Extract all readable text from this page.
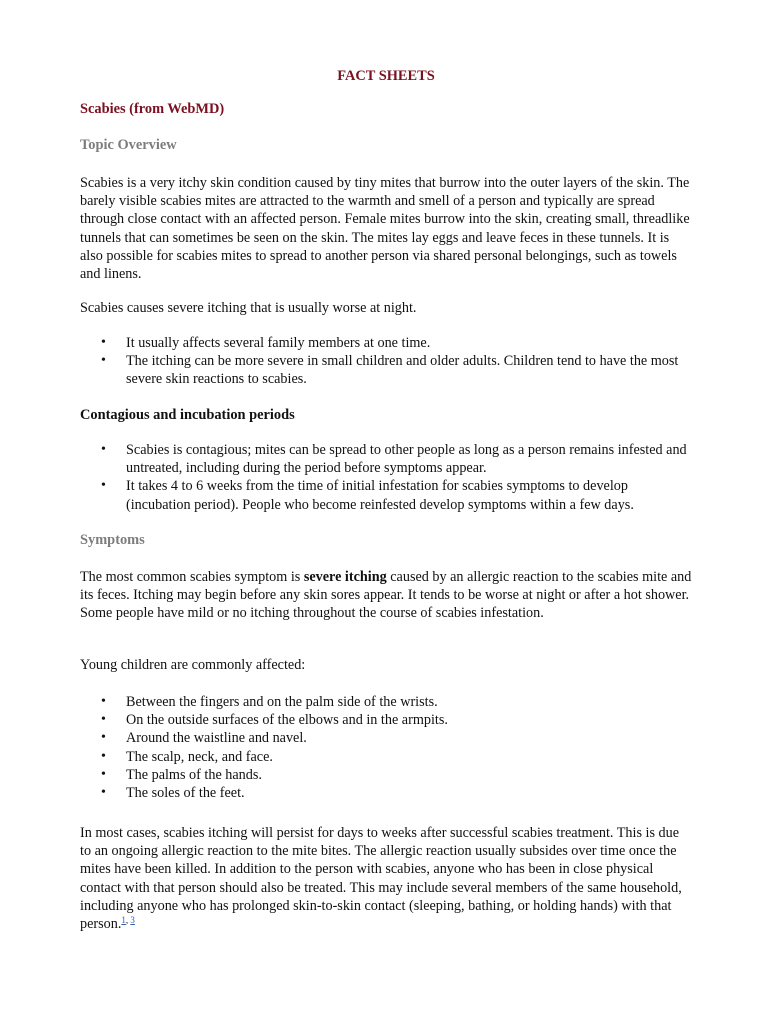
FACT SHEETS

Scabies (from WebMD)

Topic Overview

Scabies is a very itchy skin condition caused by tiny mites that burrow into the outer layers of the skin. The barely visible scabies mites are attracted to the warmth and smell of a person and typically are spread through close contact with an affected person. Female mites burrow into the skin, creating small, threadlike tunnels that can sometimes be seen on the skin. The mites lay eggs and leave feces in these tunnels. It is also possible for scabies mites to spread to another person via shared personal belongings, such as towels and linens.

Scabies causes severe itching that is usually worse at night.

• It usually affects several family members at one time.
• The itching can be more severe in small children and older adults. Children tend to have the most severe skin reactions to scabies.

Contagious and incubation periods

• Scabies is contagious; mites can be spread to other people as long as a person remains infested and untreated, including during the period before symptoms appear.
• It takes 4 to 6 weeks from the time of initial infestation for scabies symptoms to develop (incubation period). People who become reinfested develop symptoms within a few days.

Symptoms

The most common scabies symptom is severe itching caused by an allergic reaction to the scabies mite and its feces. Itching may begin before any skin sores appear. It tends to be worse at night or after a hot shower. Some people have mild or no itching throughout the course of scabies infestation.

Young children are commonly affected:

• Between the fingers and on the palm side of the wrists.
• On the outside surfaces of the elbows and in the armpits.
• Around the waistline and navel.
• The scalp, neck, and face.
• The palms of the hands.
• The soles of the feet.

In most cases, scabies itching will persist for days to weeks after successful scabies treatment. This is due to an ongoing allergic reaction to the mite bites. The allergic reaction usually subsides over time once the mites have been killed. In addition to the person with scabies, anyone who has been in close physical contact with that person should also be treated. This may include several members of the same household, including anyone who has prolonged skin-to-skin contact (sleeping, bathing, or holding hands) with that person.$^{1, 3}$
